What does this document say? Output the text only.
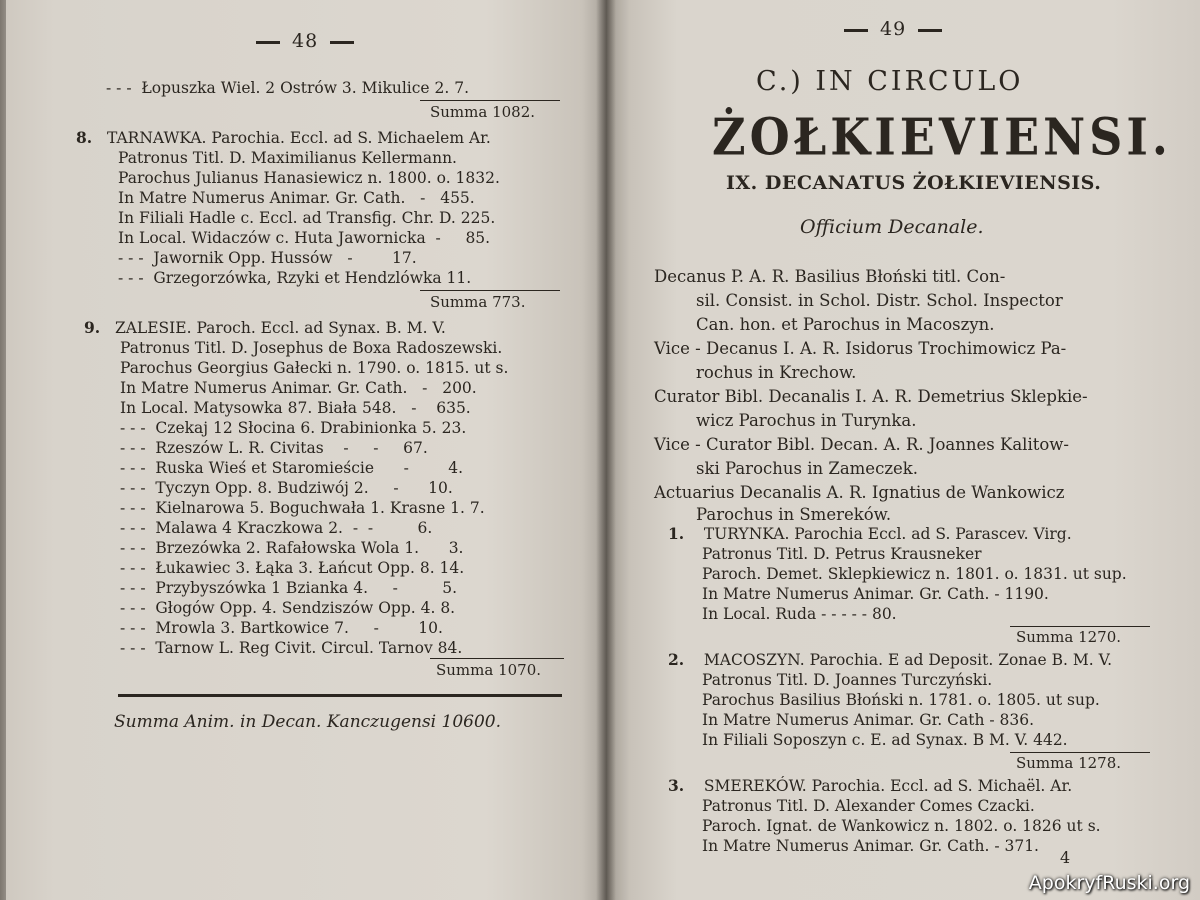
48
- - -  Łopuszka Wiel. 2 Ostrów 3. Mikulice 2. 7.
Summa 1082.
8. TARNAWKA. Parochia. Eccl. ad S. Michaelem Ar.
Patronus Titl. D. Maximilianus Kellermann.
Parochus Julianus Hanasiewicz n. 1800. o. 1832.
In Matre Numerus Animar. Gr. Cath.   -   455.
In Filiali Hadle c. Eccl. ad Transfig. Chr. D. 225.
In Local. Widaczów c. Huta Jawornicka  -     85.
- - -  Jawornik Opp. Hussów   -        17.
- - -  Grzegorzówka, Rzyki et Hendzlówka 11.
Summa 773.
9. ZALESIE. Paroch. Eccl. ad Synax. B. M. V.
Patronus Titl. D. Josephus de Boxa Radoszewski.
Parochus Georgius Gałecki n. 1790. o. 1815. ut s.
In Matre Numerus Animar. Gr. Cath.   -   200.
In Local. Matysowka 87. Biała 548.   -    635.
- - -  Czekaj 12 Słocina 6. Drabinionka 5. 23.
- - -  Rzeszów L. R. Civitas    -     -     67.
- - -  Ruska Wieś et Staromieście      -        4.
- - -  Tyczyn Opp. 8. Budziwój 2.     -      10.
- - -  Kielnarowa 5. Boguchwała 1. Krasne 1. 7.
- - -  Malawa 4 Kraczkowa 2.  -  -         6.
- - -  Brzezówka 2. Rafałowska Wola 1. 3.
- - -  Łukawiec 3. Łąka 3. Łańcut Opp. 8. 14.
- - -  Przybyszówka 1 Bzianka 4.     -         5.
- - -  Głogów Opp. 4. Sendziszów Opp. 4. 8.
- - -  Mrowla 3. Bartkowice 7.     -        10.
- - -  Tarnow L. Reg Civit. Circul. Tarnov 84.
Summa 1070.
Summa Anim. in Decan. Kanczugensi 10600.
49
C.) IN CIRCULO
ŻOŁKIEVIENSI.
IX. DECANATUS ŻOŁKIEVIENSIS.
Officium Decanale.
Decanus P. A. R. Basilius Błoński titl. Con-
sil. Consist. in Schol. Distr. Schol. Inspector
Can. hon. et Parochus in Macoszyn.
Vice - Decanus I. A. R. Isidorus Trochimowicz Pa-
rochus in Krechow.
Curator Bibl. Decanalis I. A. R. Demetrius Sklepkie-
wicz Parochus in Turynka.
Vice - Curator Bibl. Decan. A. R. Joannes Kalitow-
ski Parochus in Zameczek.
Actuarius Decanalis A. R. Ignatius de Wankowicz
Parochus in Smereków.
1. TURYNKA. Parochia Eccl. ad S. Parascev. Virg.
Patronus Titl. D. Petrus Krausneker
Paroch. Demet. Sklepkiewicz n. 1801. o. 1831. ut sup.
In Matre Numerus Animar. Gr. Cath. - 1190.
In Local. Ruda - - - - - 80.
Summa 1270.
2. MACOSZYN. Parochia. E ad Deposit. Zonae B. M. V.
Patronus Titl. D. Joannes Turczyński.
Parochus Basilius Błoński n. 1781. o. 1805. ut sup.
In Matre Numerus Animar. Gr. Cath - 836.
In Filiali Soposzyn c. E. ad Synax. B M. V. 442.
Summa 1278.
3. SMEREKÓW. Parochia. Eccl. ad S. Michaël. Ar.
Patronus Titl. D. Alexander Comes Czacki.
Paroch. Ignat. de Wankowicz n. 1802. o. 1826 ut s.
In Matre Numerus Animar. Gr. Cath. - 371.
4
ApokryfRuski.org
